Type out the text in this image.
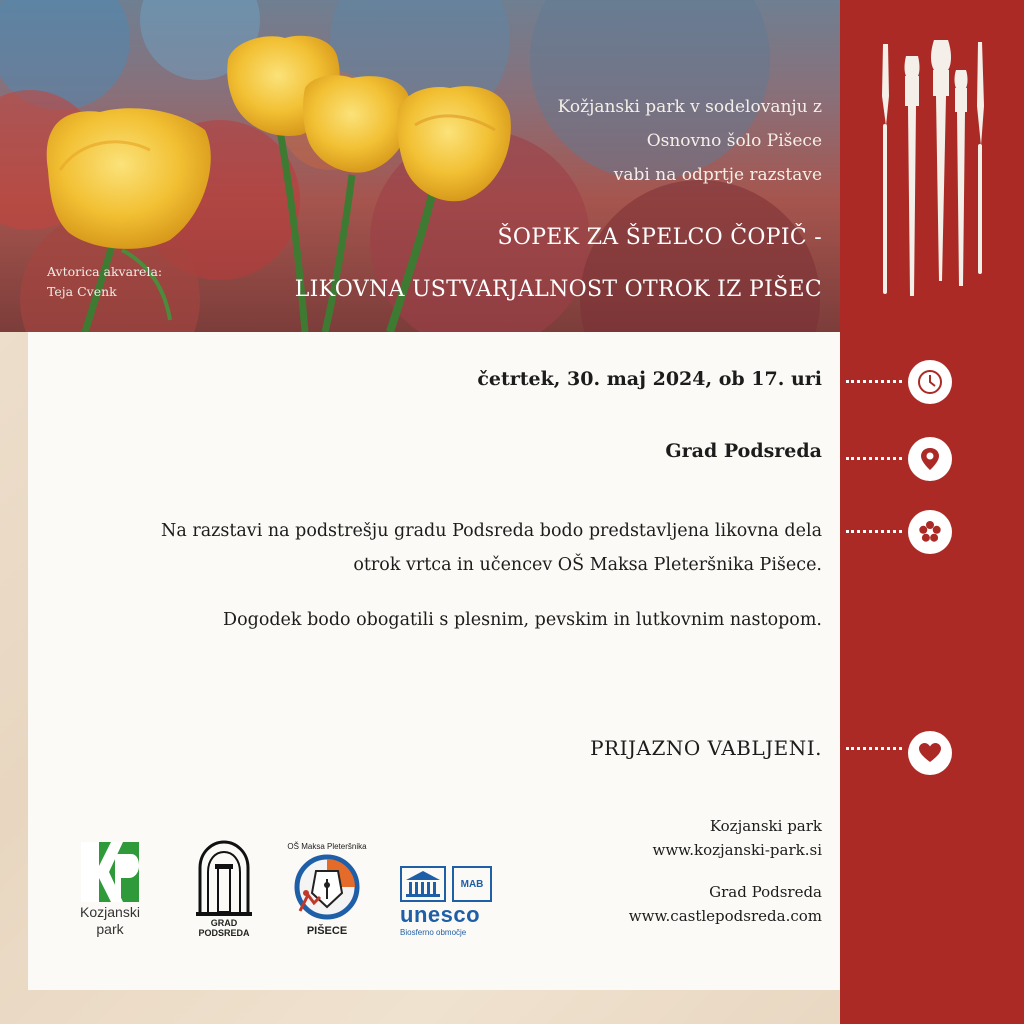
Kožjanski park v sodelovanju z
Osnovno šolo Pišece
vabi na odprtje razstave
ŠOPEK ZA ŠPELCO ČOPIČ -
LIKOVNA USTVARJALNOST OTROK IZ PIŠEC
Avtorica akvarela:
Teja Cvenk
četrtek, 30. maj 2024, ob 17. uri
Grad Podsreda
Na razstavi na podstrešju gradu Podsreda bodo predstavljena likovna dela
otrok vrtca in učencev OŠ Maksa Pleteršnika Pišece.
Dogodek bodo obogatili s plesnim, pevskim in lutkovnim nastopom.
PRIJAZNO VABLJENI.
Kozjanski park
www.kozjanski-park.si
Grad Podsreda
www.castlepodsreda.com
Kozjanski
park	GRAD
PODSREDA
OŠ Maksa Pleteršnika
PIŠECE
MAB
unesco
Biosferno območje
